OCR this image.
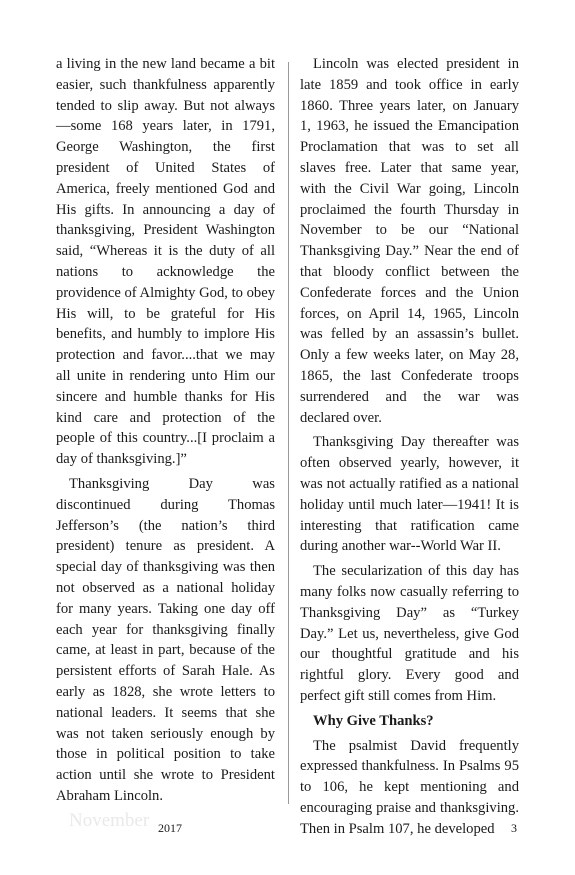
a living in the new land became a bit easier, such thankfulness apparently tended to slip away. But not always—some 168 years later, in 1791, George Washington, the first president of United States of America, freely mentioned God and His gifts. In announcing a day of thanksgiving, President Washington said, “Whereas it is the duty of all nations to acknowledge the providence of Almighty God, to obey His will, to be grateful for His benefits, and humbly to implore His protection and favor....that we may all unite in rendering unto Him our sincere and humble thanks for His kind care and protection of the people of this country...[I proclaim a day of thanksgiving.]”

Thanksgiving Day was discontinued during Thomas Jefferson’s (the nation’s third president) tenure as president. A special day of thanksgiving was then not observed as a national holiday for many years. Taking one day off each year for thanksgiving finally came, at least in part, because of the persistent efforts of Sarah Hale. As early as 1828, she wrote letters to national leaders. It seems that she was not taken seriously enough by those in political position to take action until she wrote to President Abraham Lincoln.

Lincoln was elected president in late 1859 and took office in early 1860. Three years later, on January 1, 1963, he issued the Emancipation Proclamation that was to set all slaves free. Later that same year, with the Civil War going, Lincoln proclaimed the fourth Thursday in November to be our “National Thanksgiving Day.” Near the end of that bloody conflict between the Confederate forces and the Union forces, on April 14, 1965, Lincoln was felled by an assassin’s bullet. Only a few weeks later, on May 28, 1865, the last Confederate troops surrendered and the war was declared over.

Thanksgiving Day thereafter was often observed yearly, however, it was not actually ratified as a national holiday until much later—1941! It is interesting that ratification came during another war--World War II.

The secularization of this day has many folks now casually referring to Thanksgiving Day” as “Turkey Day.” Let us, nevertheless, give God our thoughtful gratitude and his rightful glory. Every good and perfect gift still comes from Him.

Why Give Thanks?

The psalmist David frequently expressed thankfulness. In Psalms 95 to 106, he kept mentioning and encouraging praise and thanksgiving. Then in Psalm 107, he developed

November 2017	3
